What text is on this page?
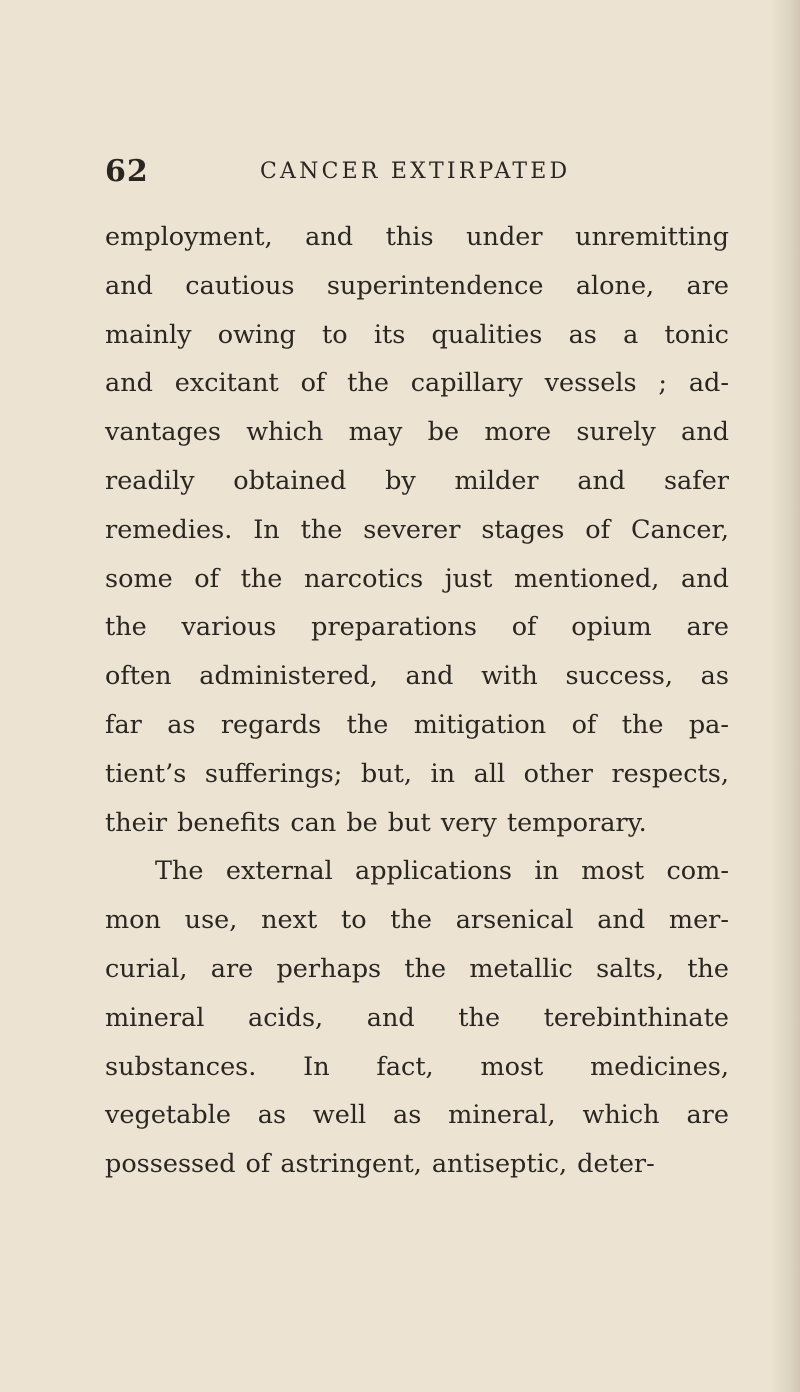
62	CANCER EXTIRPATED
employment, and this under unremitting
and cautious superintendence alone, are
mainly owing to its qualities as a tonic
and excitant of the capillary vessels ; ad-
vantages which may be more surely and
readily obtained by milder and safer
remedies. In the severer stages of Cancer,
some of the narcotics just mentioned, and
the various preparations of opium are
often administered, and with success, as
far as regards the mitigation of the pa-
tient’s sufferings; but, in all other respects,
their benefits can be but very temporary.
The external applications in most com-
mon use, next to the arsenical and mer-
curial, are perhaps the metallic salts, the
mineral acids, and the terebinthinate
substances. In fact, most medicines,
vegetable as well as mineral, which are
possessed of astringent, antiseptic, deter-
